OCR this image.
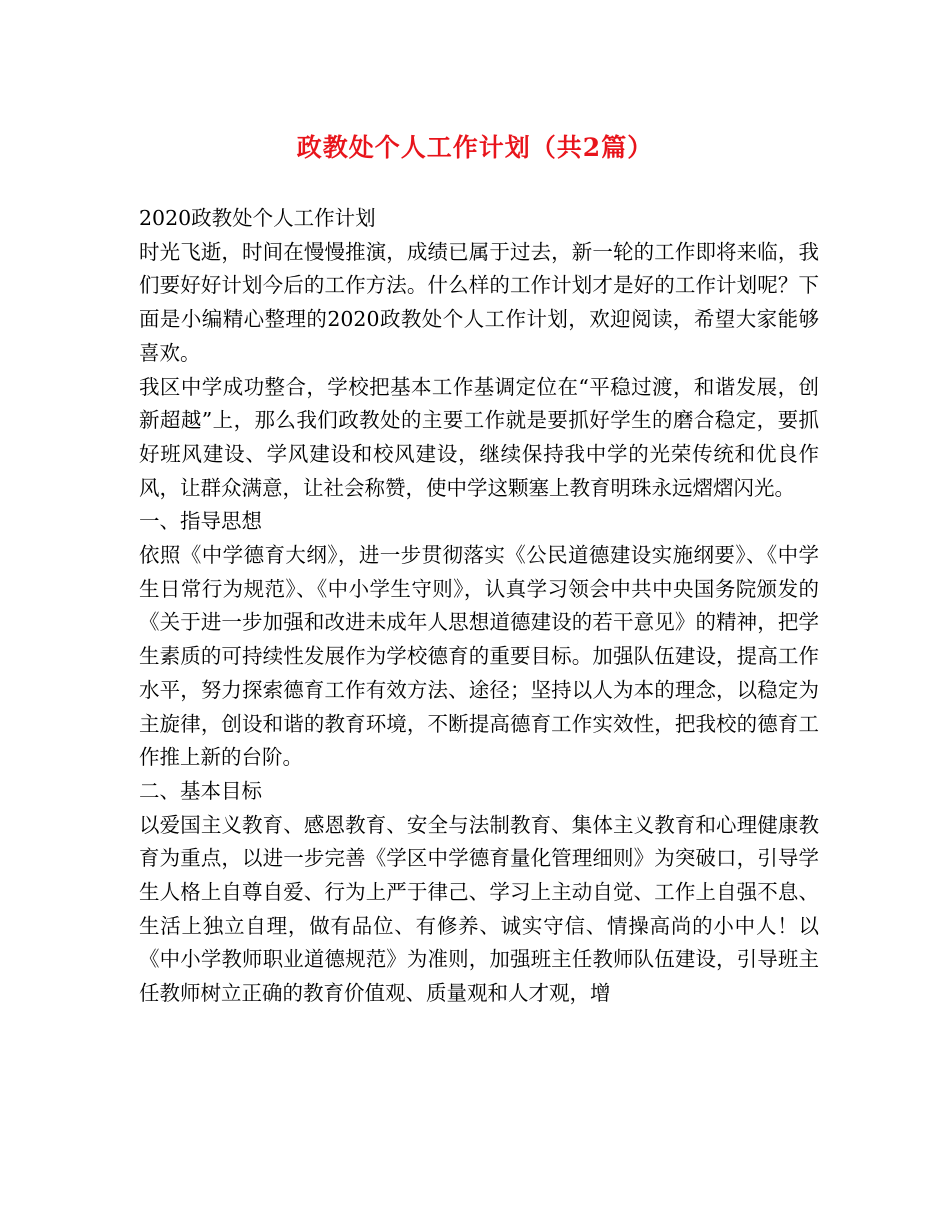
政教处个人工作计划（共2篇）

2020政教处个人工作计划

时光飞逝，时间在慢慢推演，成绩已属于过去，新一轮的工作即将来临，我们要好好计划今后的工作方法。什么样的工作计划才是好的工作计划呢？下面是小编精心整理的2020政教处个人工作计划，欢迎阅读，希望大家能够喜欢。

我区中学成功整合，学校把基本工作基调定位在“平稳过渡，和谐发展，创新超越”上，那么我们政教处的主要工作就是要抓好学生的磨合稳定，要抓好班风建设、学风建设和校风建设，继续保持我中学的光荣传统和优良作风，让群众满意，让社会称赞，使中学这颗塞上教育明珠永远熠熠闪光。

一、指导思想

依照《中学德育大纲》，进一步贯彻落实《公民道德建设实施纲要》、《中学生日常行为规范》、《中小学生守则》，认真学习领会中共中央国务院颁发的《关于进一步加强和改进未成年人思想道德建设的若干意见》的精神，把学生素质的可持续性发展作为学校德育的重要目标。加强队伍建设，提高工作水平，努力探索德育工作有效方法、途径；坚持以人为本的理念，以稳定为主旋律，创设和谐的教育环境，不断提高德育工作实效性，把我校的德育工作推上新的台阶。

二、基本目标

以爱国主义教育、感恩教育、安全与法制教育、集体主义教育和心理健康教育为重点，以进一步完善《学区中学德育量化管理细则》为突破口，引导学生人格上自尊自爱、行为上严于律己、学习上主动自觉、工作上自强不息、生活上独立自理，做有品位、有修养、诚实守信、情操高尚的小中人！以《中小学教师职业道德规范》为准则，加强班主任教师队伍建设，引导班主任教师树立正确的教育价值观、质量观和人才观，增
